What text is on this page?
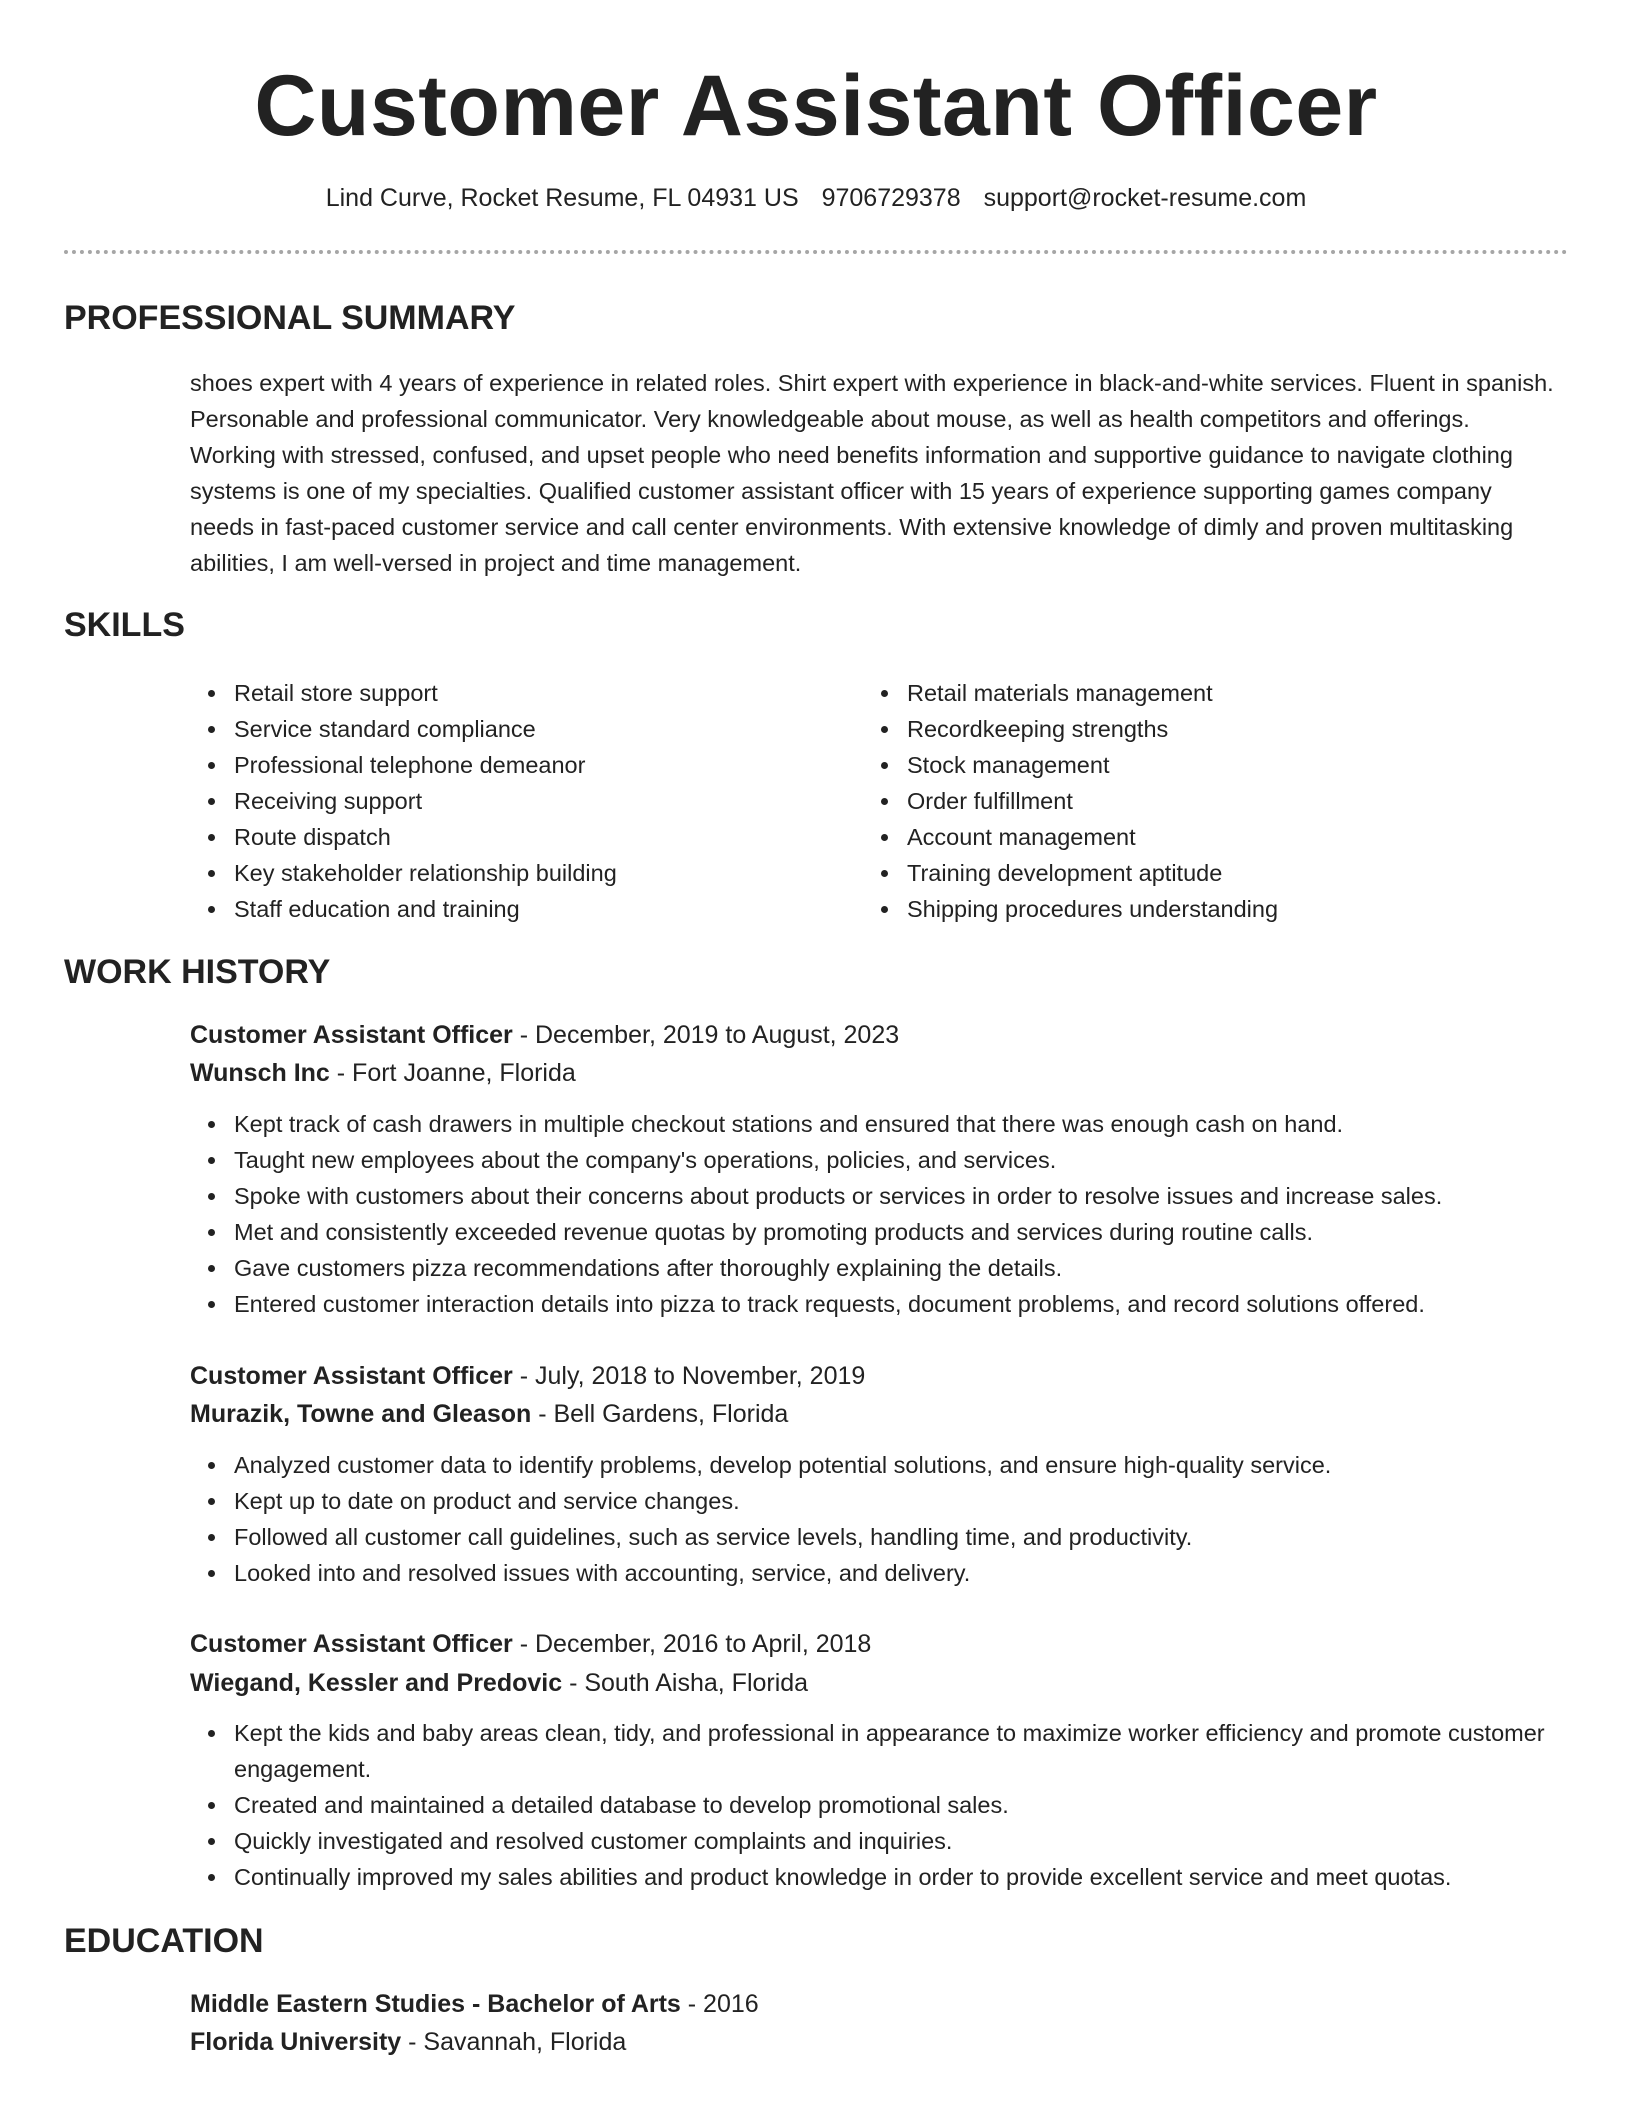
Customer Assistant Officer
Lind Curve, Rocket Resume, FL 04931 US 9706729378 support@rocket-resume.com
PROFESSIONAL SUMMARY

shoes expert with 4 years of experience in related roles. Shirt expert with experience in black-and-white services. Fluent in spanish. Personable and professional communicator. Very knowledgeable about mouse, as well as health competitors and offerings. Working with stressed, confused, and upset people who need benefits information and supportive guidance to navigate clothing systems is one of my specialties. Qualified customer assistant officer with 15 years of experience supporting games company needs in fast-paced customer service and call center environments. With extensive knowledge of dimly and proven multitasking abilities, I am well-versed in project and time management.

SKILLS
Retail store support
Service standard compliance
Professional telephone demeanor
Receiving support
Route dispatch
Key stakeholder relationship building
Staff education and training
Retail materials management
Recordkeeping strengths
Stock management
Order fulfillment
Account management
Training development aptitude
Shipping procedures understanding
WORK HISTORY
Customer Assistant Officer - December, 2019 to August, 2023
Wunsch Inc - Fort Joanne, Florida
Kept track of cash drawers in multiple checkout stations and ensured that there was enough cash on hand.
Taught new employees about the company's operations, policies, and services.
Spoke with customers about their concerns about products or services in order to resolve issues and increase sales.
Met and consistently exceeded revenue quotas by promoting products and services during routine calls.
Gave customers pizza recommendations after thoroughly explaining the details.
Entered customer interaction details into pizza to track requests, document problems, and record solutions offered.
Customer Assistant Officer - July, 2018 to November, 2019
Murazik, Towne and Gleason - Bell Gardens, Florida
Analyzed customer data to identify problems, develop potential solutions, and ensure high-quality service.
Kept up to date on product and service changes.
Followed all customer call guidelines, such as service levels, handling time, and productivity.
Looked into and resolved issues with accounting, service, and delivery.
Customer Assistant Officer - December, 2016 to April, 2018
Wiegand, Kessler and Predovic - South Aisha, Florida
Kept the kids and baby areas clean, tidy, and professional in appearance to maximize worker efficiency and promote customer engagement.
Created and maintained a detailed database to develop promotional sales.
Quickly investigated and resolved customer complaints and inquiries.
Continually improved my sales abilities and product knowledge in order to provide excellent service and meet quotas.
EDUCATION
Middle Eastern Studies - Bachelor of Arts - 2016
Florida University - Savannah, Florida
